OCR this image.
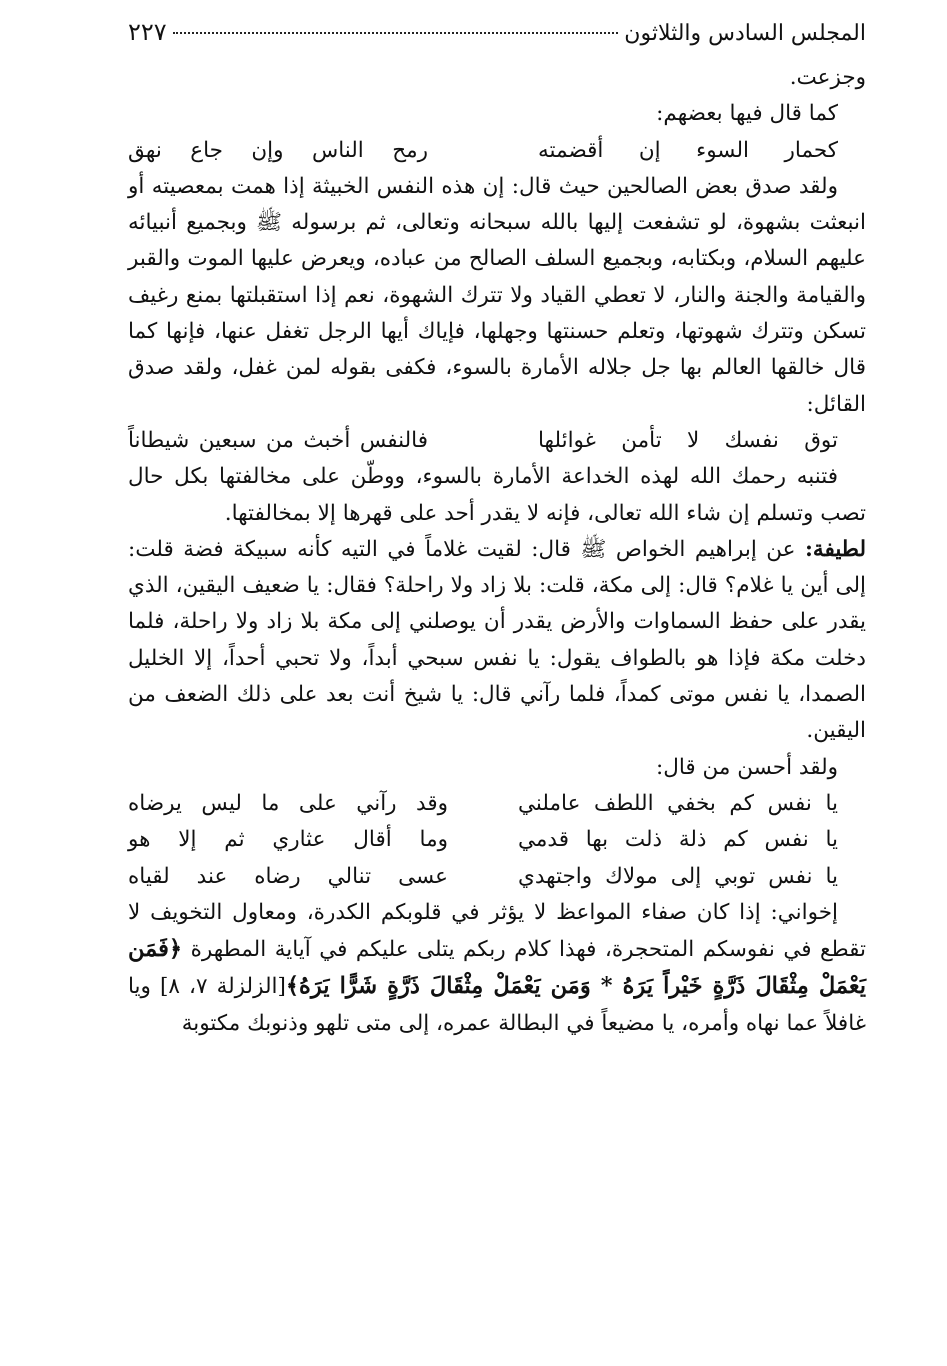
المجلس السادس والثلاثون
٢٢٧

وجزعت.

كما قال فيها بعضهم:

كحمار السوء إن أقضمته
رمح الناس وإن جاع نهق

ولقد صدق بعض الصالحين حيث قال: إن هذه النفس الخبيثة إذا همت بمعصيته أو انبعثت بشهوة، لو تشفعت إليها بالله سبحانه وتعالى، ثم برسوله ﷺ وبجميع أنبيائه عليهم السلام، وبكتابه، وبجميع السلف الصالح من عباده، ويعرض عليها الموت والقبر والقيامة والجنة والنار، لا تعطي القياد ولا تترك الشهوة، نعم إذا استقبلتها بمنع رغيف تسكن وتترك شهوتها، وتعلم حسنتها وجهلها، فإياك أيها الرجل تغفل عنها، فإنها كما قال خالقها العالم بها جل جلاله الأمارة بالسوء، فكفى بقوله لمن غفل، ولقد صدق القائل:

توق نفسك لا تأمن غوائلها
فالنفس أخبث من سبعين شيطاناً

فتنبه رحمك الله لهذه الخداعة الأمارة بالسوء، ووطّن على مخالفتها بكل حال تصب وتسلم إن شاء الله تعالى، فإنه لا يقدر أحد على قهرها إلا بمخالفتها.

لطيفة: عن إبراهيم الخواص ﷺ قال: لقيت غلاماً في التيه كأنه سبيكة فضة قلت: إلى أين يا غلام؟ قال: إلى مكة، قلت: بلا زاد ولا راحلة؟ فقال: يا ضعيف اليقين، الذي يقدر على حفظ السماوات والأرض يقدر أن يوصلني إلى مكة بلا زاد ولا راحلة، فلما دخلت مكة فإذا هو بالطواف يقول: يا نفس سبحي أبداً، ولا تحبي أحداً، إلا الخليل الصمدا، يا نفس موتى كمداً، فلما رآني قال: يا شيخ أنت بعد على ذلك الضعف من اليقين.

ولقد أحسن من قال:

يا نفس كم بخفي اللطف عاملني
وقد رآني على ما ليس يرضاه
يا نفس كم ذلة ذلت بها قدمي
وما أقال عثاري ثم إلا هو
يا نفس توبي إلى مولاك واجتهدي
عسى تنالي رضاه عند لقياه

إخواني: إذا كان صفاء المواعظ لا يؤثر في قلوبكم الكدرة، ومعاول التخويف لا تقطع في نفوسكم المتحجرة، فهذا كلام ربكم يتلى عليكم في آياية المطهرة ﴿فَمَن يَعْمَلْ مِثْقَالَ ذَرَّةٍ خَيْراً يَرَهُ * وَمَن يَعْمَلْ مِثْقَالَ ذَرَّةٍ شَرًّا يَرَهُ﴾[الزلزلة ٧، ٨] ويا غافلاً عما نهاه وأمره، يا مضيعاً في البطالة عمره، إلى متى تلهو وذنوبك مكتوبة
